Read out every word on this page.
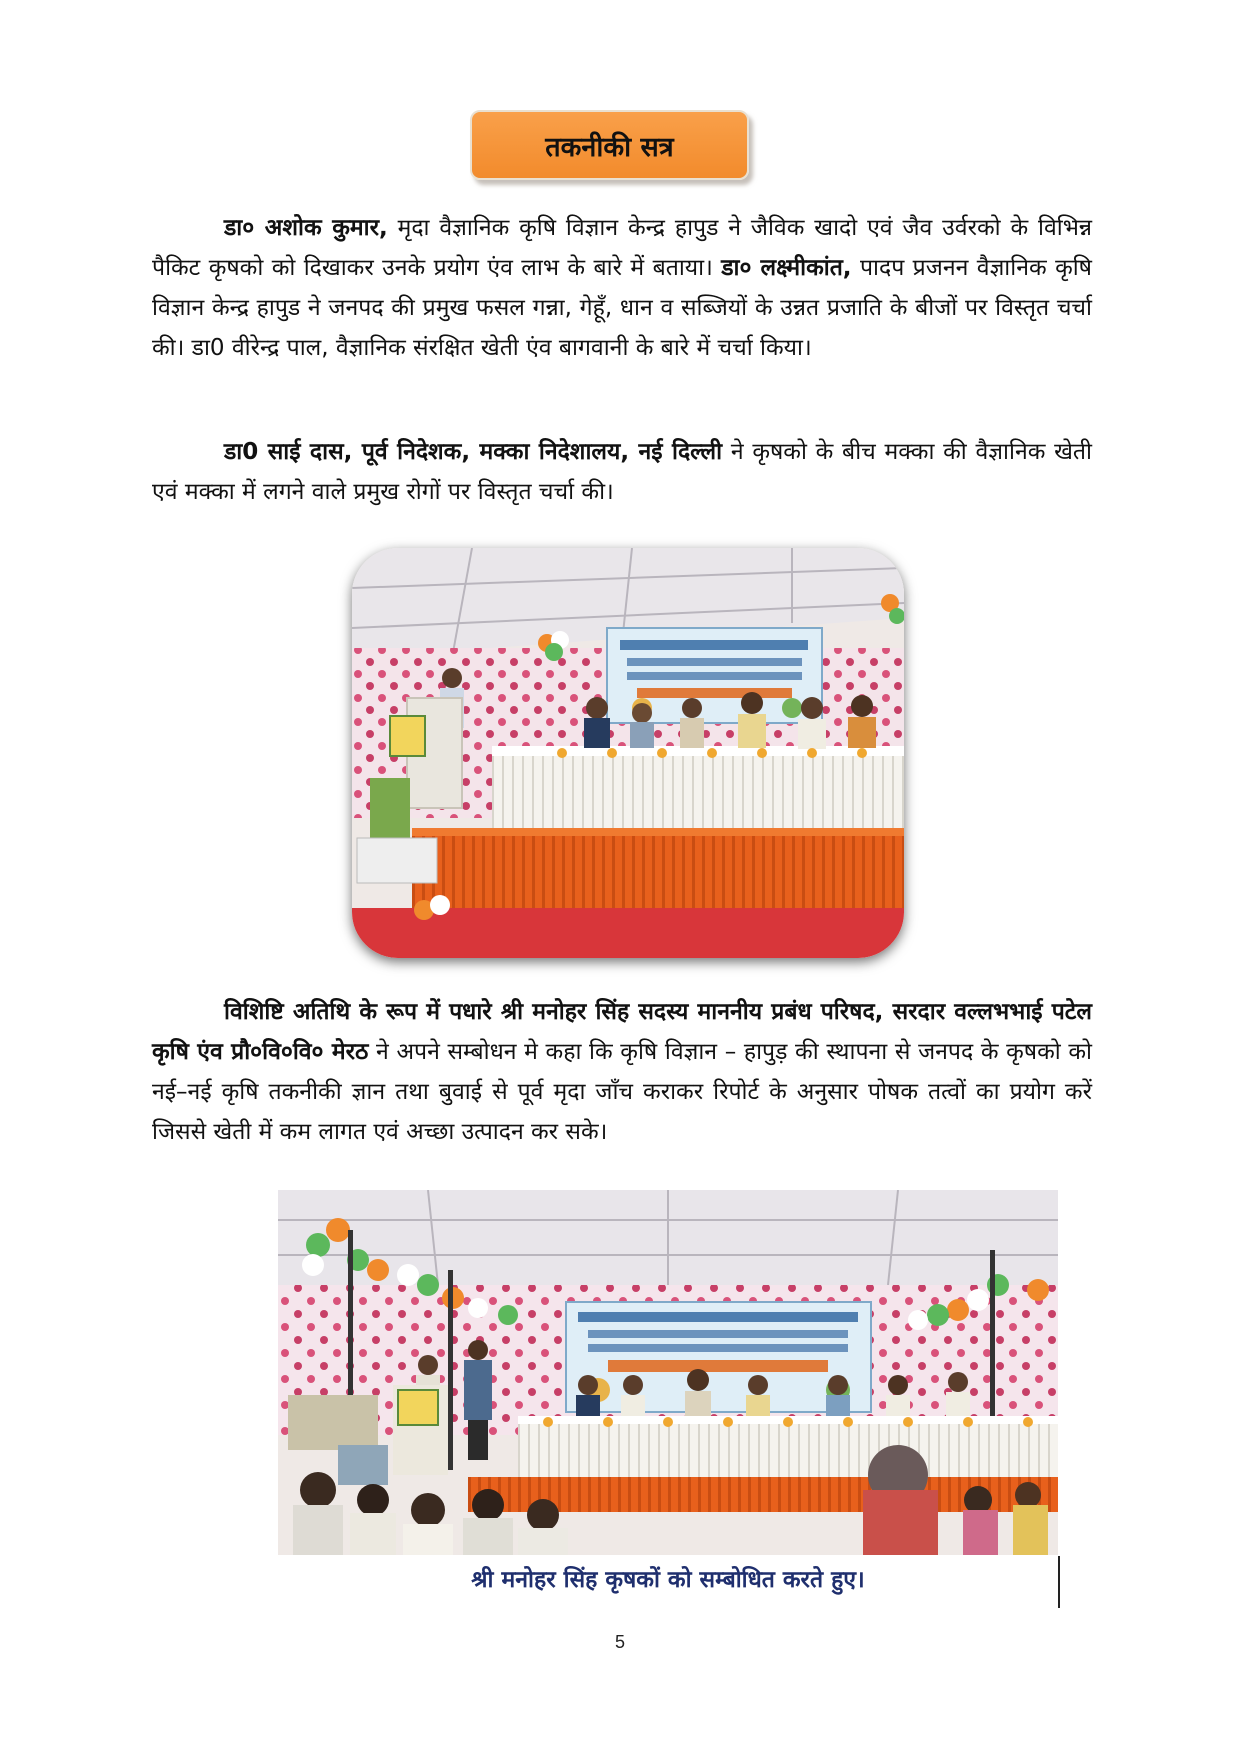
तकनीकी सत्र

डा० अशोक कुमार, मृदा वैज्ञानिक कृषि विज्ञान केन्द्र हापुड ने जैविक खादो एवं जैव उर्वरको के विभिन्न पैकिट कृषको को दिखाकर उनके प्रयोग एंव लाभ के बारे में बताया। डा० लक्ष्मीकांत, पादप प्रजनन वैज्ञानिक कृषि विज्ञान केन्द्र हापुड ने जनपद की प्रमुख फसल गन्ना, गेहूँ, धान व सब्जियों के उन्नत प्रजाति के बीजों पर विस्तृत चर्चा की। डा0 वीरेन्द्र पाल, वैज्ञानिक संरक्षित खेती एंव बागवानी के बारे में चर्चा किया।

डा0 साई दास, पूर्व निदेशक, मक्का निदेशालय, नई दिल्ली ने कृषको के बीच मक्का की वैज्ञानिक खेती एवं मक्का में लगने वाले प्रमुख रोगों पर विस्तृत चर्चा की।

विशिष्टि अतिथि के रूप में पधारे श्री मनोहर सिंह सदस्य माननीय प्रबंध परिषद, सरदार वल्लभभाई पटेल कृषि एंव प्रौ०वि०वि० मेरठ ने अपने सम्बोधन मे कहा कि कृषि विज्ञान – हापुड़ की स्थापना से जनपद के कृषको को नई–नई कृषि तकनीकी ज्ञान तथा बुवाई से पूर्व मृदा जाँच कराकर रिपोर्ट के अनुसार पोषक तत्वों का प्रयोग करें जिससे खेती में कम लागत एवं अच्छा उत्पादन कर सके।

श्री मनोहर सिंह कृषकों को सम्बोधित करते हुए।
5
